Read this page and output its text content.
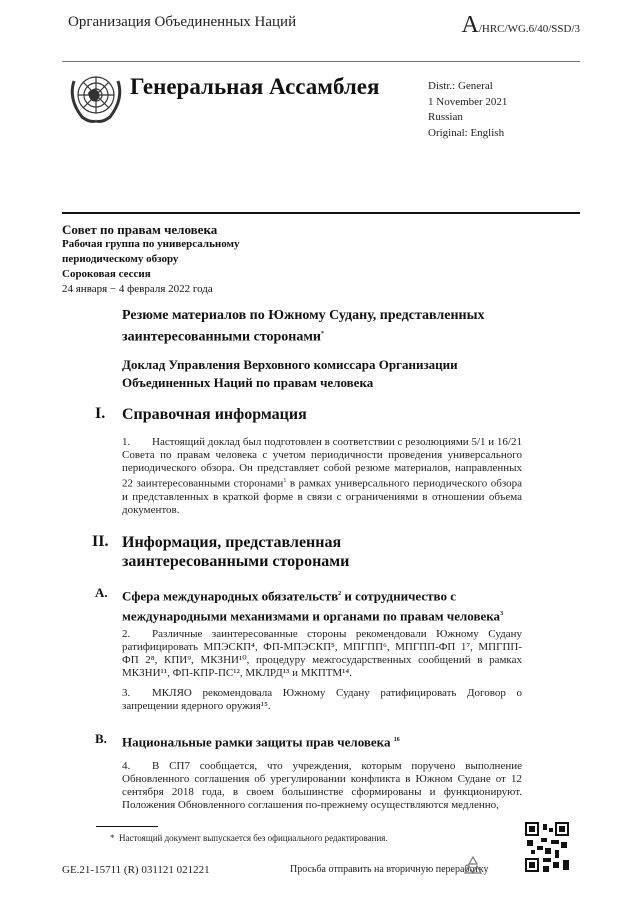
Организация Объединенных Наций	A/HRC/WG.6/40/SSD/3
Генеральная Ассамблея	Distr.: General
1 November 2021
Russian
Original: English
Совет по правам человека
Рабочая группа по универсальному
периодическому обзору
Сороковая сессия
24 января − 4 февраля 2022 года
Резюме материалов по Южному Судану, представленных заинтересованными сторонами*
Доклад Управления Верховного комиссара Организации Объединенных Наций по правам человека
I. Справочная информация
1. Настоящий доклад был подготовлен в соответствии с резолюциями 5/1 и 16/21 Совета по правам человека с учетом периодичности проведения универсального периодического обзора. Он представляет собой резюме материалов, направленных 22 заинтересованными сторонами$^1$ в рамках универсального периодического обзора и представленных в краткой форме в связи с ограничениями в отношении объема документов.
II. Информация, представленная заинтересованными сторонами
A. Сфера международных обязательств$^2$ и сотрудничество с международными механизмами и органами по правам человека$^3$
2. Различные заинтересованные стороны рекомендовали Южному Судану ратифицировать МПЭСКП⁴, ФП-МПЭСКП⁵, МПГПП⁶, МПГПП-ФП 1⁷, МПГПП-ФП 2⁸, КПИ⁹, МКЗНИ¹⁰, процедуру межгосударственных сообщений в рамках МКЗНИ¹¹, ФП-КПР-ПС¹², МКЛРД¹³ и МКПТМ¹⁴.
3. МКЛЯО рекомендовала Южному Судану ратифицировать Договор о запрещении ядерного оружия¹⁵.
B. Национальные рамки защиты прав человека $^{16}$
4. В СП7 сообщается, что учреждения, которым поручено выполнение Обновленного соглашения об урегулировании конфликта в Южном Судане от 12 сентября 2018 года, в своем большинстве сформированы и функционируют. Положения Обновленного соглашения по-прежнему осуществляются медленно,
* Настоящий документ выпускается без официального редактирования.
GE.21-15711 (R) 031121 021221	Просьба отправить на вторичную переработку
